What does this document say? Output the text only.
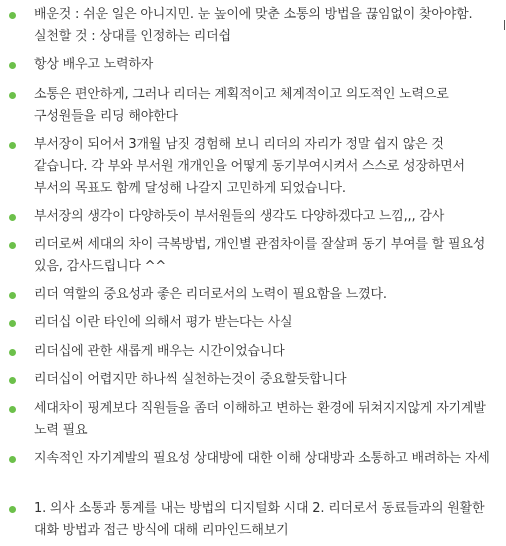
배운것 : 쉬운 일은 아니지민. 눈 높이에 맞춘 소통의 방법을 끊임없이 찾아야함. 실천할 것 : 상대를 인정하는 리더쉽
항상 배우고 노력하자
소통은 편안하게, 그러나 리더는 계획적이고 체계적이고 의도적인 노력으로 구성원들을 리딩 해야한다
부서장이 되어서 3개월 남짓 경험해 보니 리더의 자리가 정말 쉽지 않은 것 같습니다. 각 부와 부서원 개개인을 어떻게 동기부여시켜서 스스로 성장하면서 부서의 목표도 함께 달성해 나갈지 고민하게 되었습니다.
부서장의 생각이 다양하듯이 부서원들의 생각도 다양하겠다고 느낌,,, 감사
리더로써 세대의 차이 극복방법, 개인별 관점차이를 잘살펴 동기 부여를 할 필요성 있음, 감사드립니다 ^^
리더 역할의 중요성과 좋은 리더로서의 노력이 필요함을 느꼈다.
리더십 이란 타인에 의해서 평가 받는다는 사실
리더십에 관한 새롭게 배우는 시간이었습니다
리더십이 어렵지만 하나씩 실천하는것이 중요할듯합니다
세대차이 핑계보다 직원들을 좀더 이해하고 변하는 환경에 뒤쳐지지않게 자기계발 노력 필요
지속적인 자기계발의 필요성 상대방에 대한 이해 상대방과 소통하고 배려하는 자세
1. 의사 소통과 통계를 내는 방법의 디지털화 시대 2. 리더로서 동료들과의 원활한 대화 방법과 접근 방식에 대해 리마인드해보기
